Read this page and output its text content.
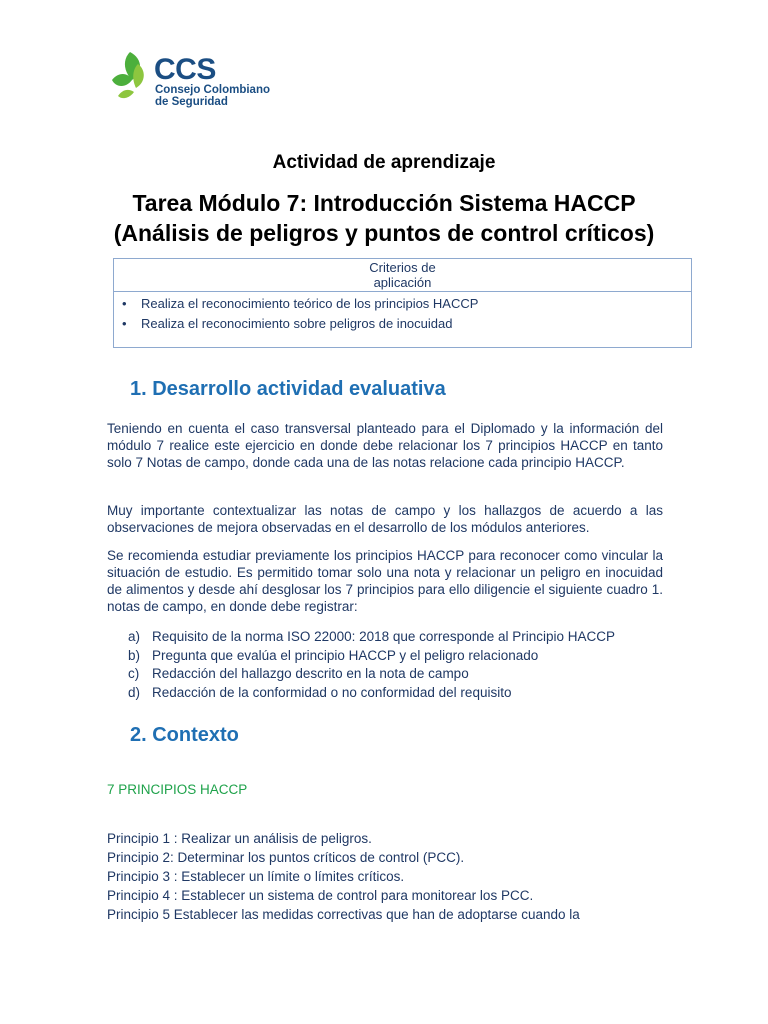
CCS
Consejo Colombiano
de Seguridad
Actividad de aprendizaje
Tarea Módulo 7: Introducción Sistema HACCP
(Análisis de peligros y puntos de control críticos)
Criterios de aplicación
• Realiza el reconocimiento teórico de los principios HACCP
• Realiza el reconocimiento sobre peligros de inocuidad
1. Desarrollo actividad evaluativa
Teniendo en cuenta el caso transversal planteado para el Diplomado y la información del módulo 7 realice este ejercicio en donde debe relacionar los 7 principios HACCP en tanto solo 7 Notas de campo, donde cada una de las notas relacione cada principio HACCP.
Muy importante contextualizar las notas de campo y los hallazgos de acuerdo a las observaciones de mejora observadas en el desarrollo de los módulos anteriores.
Se recomienda estudiar previamente los principios HACCP para reconocer como vincular la situación de estudio. Es permitido tomar solo una nota y relacionar un peligro en inocuidad de alimentos y desde ahí desglosar los 7 principios para ello diligencie el siguiente cuadro 1. notas de campo, en donde debe registrar:
a) Requisito de la norma ISO 22000: 2018 que corresponde al Principio HACCP
b) Pregunta que evalúa el principio HACCP y el peligro relacionado
c) Redacción del hallazgo descrito en la nota de campo
d) Redacción de la conformidad o no conformidad del requisito
2. Contexto
7 PRINCIPIOS HACCP
Principio 1 : Realizar un análisis de peligros.
Principio 2: Determinar los puntos críticos de control (PCC).
Principio 3 : Establecer un límite o límites críticos.
Principio 4 : Establecer un sistema de control para monitorear los PCC.
Principio 5 Establecer las medidas correctivas que han de adoptarse cuando la
